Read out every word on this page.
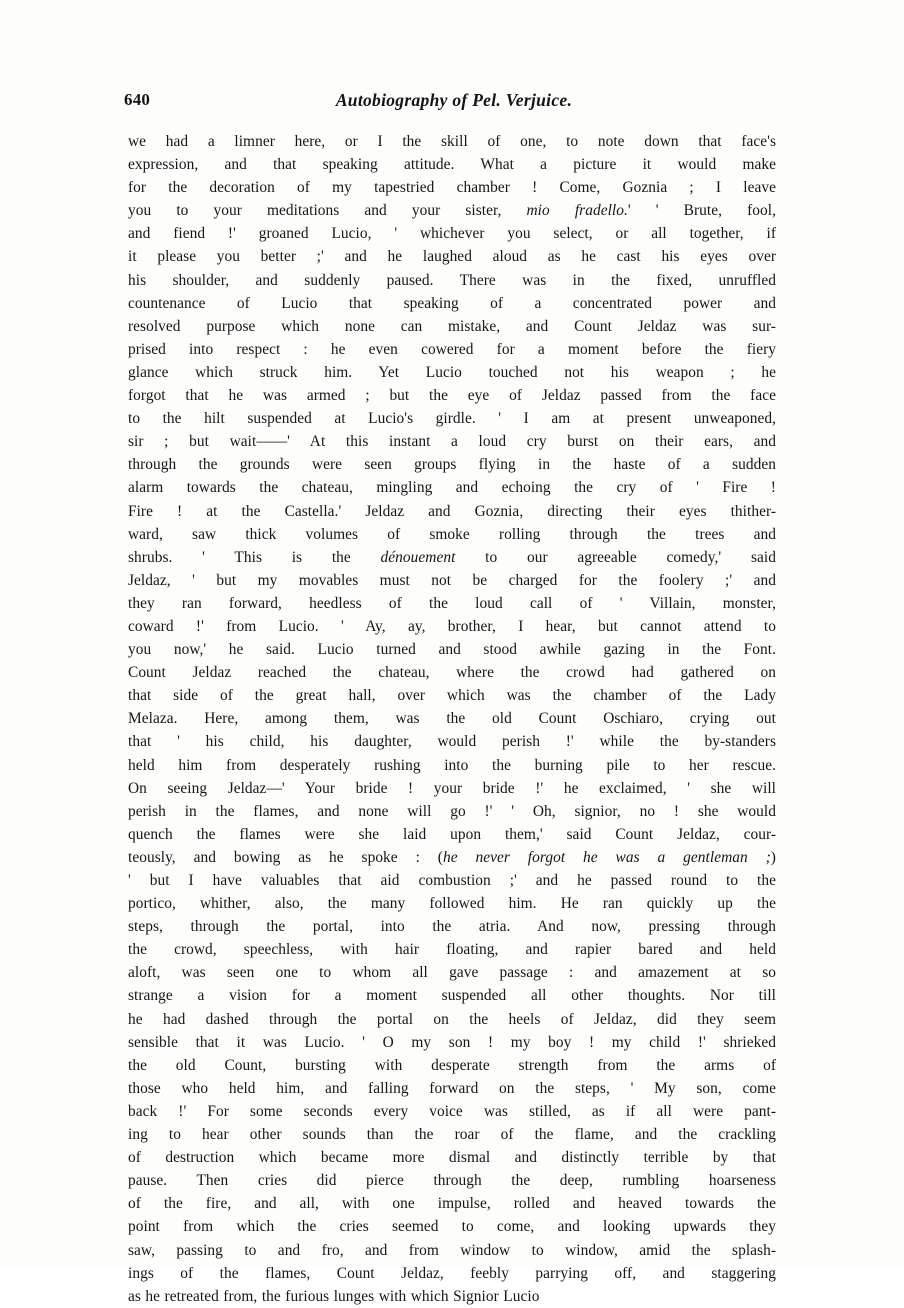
640	Autobiography of Pel. Verjuice.

we had a limner here, or I the skill of one, to note down that face's
expression, and that speaking attitude. What a picture it would make
for the decoration of my tapestried chamber ! Come, Goznia ; I leave
you to your meditations and your sister, mio fradello.' ' Brute, fool,
and fiend !' groaned Lucio, ' whichever you select, or all together, if
it please you better ;' and he laughed aloud as he cast his eyes over
his shoulder, and suddenly paused. There was in the fixed, unruffled
countenance of Lucio that speaking of a concentrated power and
resolved purpose which none can mistake, and Count Jeldaz was sur-
prised into respect : he even cowered for a moment before the fiery
glance which struck him. Yet Lucio touched not his weapon ; he
forgot that he was armed ; but the eye of Jeldaz passed from the face
to the hilt suspended at Lucio's girdle. ' I am at present unweaponed,
sir ; but wait——' At this instant a loud cry burst on their ears, and
through the grounds were seen groups flying in the haste of a sudden
alarm towards the chateau, mingling and echoing the cry of ' Fire !
Fire ! at the Castella.' Jeldaz and Goznia, directing their eyes thither-
ward, saw thick volumes of smoke rolling through the trees and
shrubs. ' This is the dénouement to our agreeable comedy,' said
Jeldaz, ' but my movables must not be charged for the foolery ;' and
they ran forward, heedless of the loud call of ' Villain, monster,
coward !' from Lucio. ' Ay, ay, brother, I hear, but cannot attend to
you now,' he said. Lucio turned and stood awhile gazing in the Font.
Count Jeldaz reached the chateau, where the crowd had gathered on
that side of the great hall, over which was the chamber of the Lady
Melaza. Here, among them, was the old Count Oschiaro, crying out
that ' his child, his daughter, would perish !' while the by-standers
held him from desperately rushing into the burning pile to her rescue.
On seeing Jeldaz—' Your bride ! your bride !' he exclaimed, ' she will
perish in the flames, and none will go !' ' Oh, signior, no ! she would
quench the flames were she laid upon them,' said Count Jeldaz, cour-
teously, and bowing as he spoke : (he never forgot he was a gentleman ;)
' but I have valuables that aid combustion ;' and he passed round to the
portico, whither, also, the many followed him. He ran quickly up the
steps, through the portal, into the atria. And now, pressing through
the crowd, speechless, with hair floating, and rapier bared and held
aloft, was seen one to whom all gave passage : and amazement at so
strange a vision for a moment suspended all other thoughts. Nor till
he had dashed through the portal on the heels of Jeldaz, did they seem
sensible that it was Lucio. ' O my son ! my boy ! my child !' shrieked
the old Count, bursting with desperate strength from the arms of
those who held him, and falling forward on the steps, ' My son, come
back !' For some seconds every voice was stilled, as if all were pant-
ing to hear other sounds than the roar of the flame, and the crackling
of destruction which became more dismal and distinctly terrible by that
pause. Then cries did pierce through the deep, rumbling hoarseness
of the fire, and all, with one impulse, rolled and heaved towards the
point from which the cries seemed to come, and looking upwards they
saw, passing to and fro, and from window to window, amid the splash-
ings of the flames, Count Jeldaz, feebly parrying off, and staggering
as he retreated from, the furious lunges with which Signior Lucio
